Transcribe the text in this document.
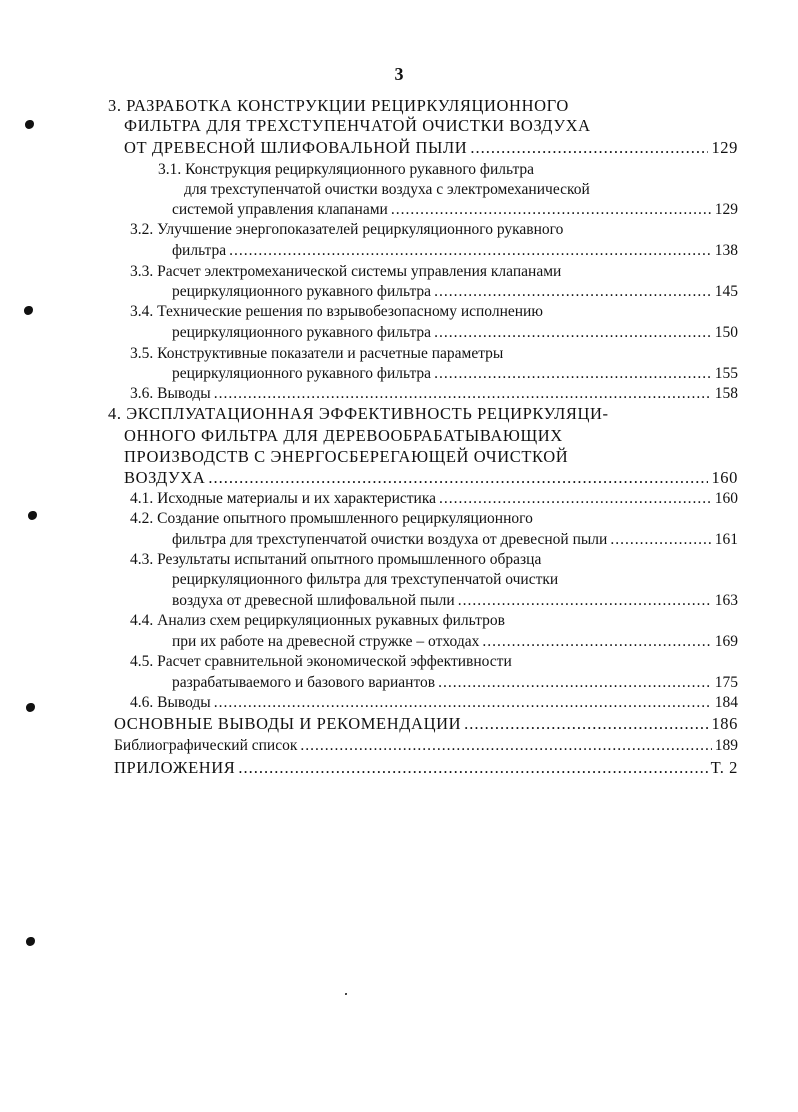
3
3. РАЗРАБОТКА КОНСТРУКЦИИ РЕЦИРКУЛЯЦИОННОГО
ФИЛЬТРА ДЛЯ ТРЕХСТУПЕНЧАТОЙ ОЧИСТКИ ВОЗДУХА
ОТ ДРЕВЕСНОЙ ШЛИФОВАЛЬНОЙ ПЫЛИ .....	129
3.1. Конструкция рециркуляционного рукавного фильтра
для трехступенчатой очистки воздуха с электромеханической
системой управления клапанами .....	129
3.2. Улучшение энергопоказателей рециркуляционного рукавного
фильтра .....	138
3.3. Расчет электромеханической системы управления клапанами
рециркуляционного рукавного фильтра .....	145
3.4. Технические решения по взрывобезопасному исполнению
рециркуляционного рукавного фильтра .....	150
3.5. Конструктивные показатели и расчетные параметры
рециркуляционного рукавного фильтра .....	155
3.6. Выводы .....	158
4. ЭКСПЛУАТАЦИОННАЯ ЭФФЕКТИВНОСТЬ РЕЦИРКУЛЯЦИ-
ОННОГО ФИЛЬТРА ДЛЯ ДЕРЕВООБРАБАТЫВАЮЩИХ
ПРОИЗВОДСТВ С ЭНЕРГОСБЕРЕГАЮЩЕЙ ОЧИСТКОЙ
ВОЗДУХА .....	160
4.1. Исходные материалы и их характеристика .....	160
4.2. Создание опытного промышленного рециркуляционного
фильтра для трехступенчатой очистки воздуха от древесной пыли .....	161
4.3. Результаты испытаний опытного промышленного образца
рециркуляционного фильтра для трехступенчатой очистки
воздуха от древесной шлифовальной пыли .....	163
4.4. Анализ схем рециркуляционных рукавных фильтров
при их работе на древесной стружке – отходах .....	169
4.5. Расчет сравнительной экономической эффективности
разрабатываемого и базового вариантов .....	175
4.6. Выводы .....	184
ОСНОВНЫЕ ВЫВОДЫ И РЕКОМЕНДАЦИИ .....	186
Библиографический список .....	189
ПРИЛОЖЕНИЯ .....	Т. 2
